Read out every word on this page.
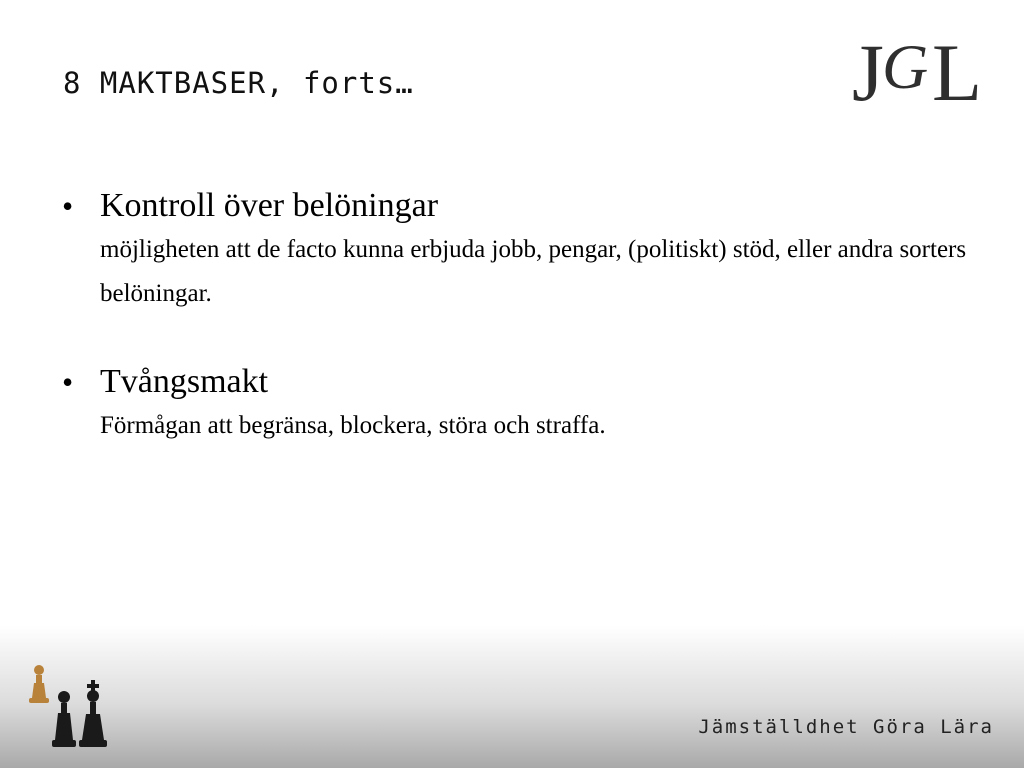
8 MAKTBASER, forts…	J
G L
• Kontroll över belöningar
möjligheten att de facto kunna erbjuda jobb, pengar, (politiskt) stöd, eller andra sorters belöningar.
• Tvångsmakt
Förmågan att begränsa, blockera, störa och straffa.
Jämställdhet Göra Lära
